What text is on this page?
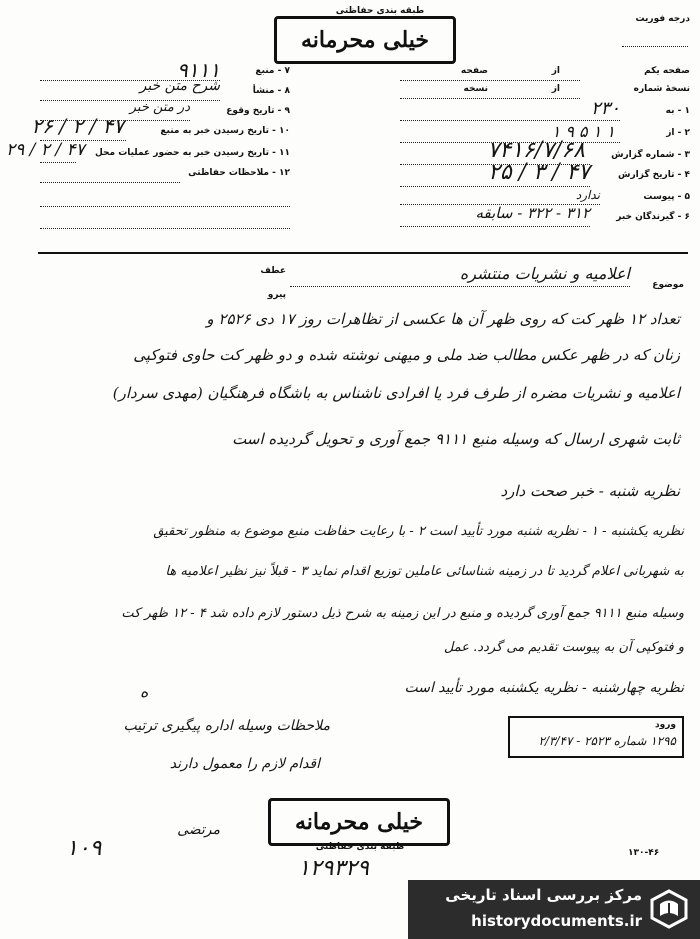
طبقه بندی حفاظتی
خیلی محرمانه
درجه فوریت
صفحه یکم
از
صفحه
نسخهٔ شماره
از
نسخه
۱ - به
۲۳۰
۲ - از
۱ ۹ ۵ ۱ ۱
۳ - شماره گزارش
۷۴۱۶/۷/۶۸
۴ - تاریخ گزارش
۲۵ / ۳ / ۴۷
۵ - پیوست
ندارد
۶ - گیرندگان خبر
۳۱۲ - ۳۲۲ - سابقه
۷ - منبع
۹۱۱۱
۸ - منشأ
شرح متن خبر
۹ - تاریخ وقوع
در متن خبر
۱۰ - تاریخ رسیدن خبر به منبع
۲۶ / ۲ / ۴۷
۱۱ - تاریخ رسیدن خبر به حضور عملیات محل
۲۹ / ۲ / ۴۷
۱۲ - ملاحظات حفاظتی
موضوع
اعلامیه و نشریات منتشره
عطف
پیرو
تعداد ۱۲ ظهر کت که روی ظهر آن ها عکسی از تظاهرات روز ۱۷ دی ۲۵۲۶ و
زنان که در ظهر عکس مطالب ضد ملی و میهنی نوشته شده و دو ظهر کت حاوی فتوکپی
اعلامیه و نشریات مضره از طرف فرد یا افرادی ناشناس به باشگاه فرهنگیان (مهدی سردار)
ثابت شهری ارسال که وسیله منبع ۹۱۱۱ جمع آوری و تحویل گردیده است
نظریه شنبه - خبر صحت دارد
نظریه یکشنبه - ۱ - نظریه شنبه مورد تأیید است ۲ - با رعایت حفاظت منبع موضوع به منظور تحقیق
به شهربانی اعلام گردید تا در زمینه شناسائی عاملین توزیع اقدام نماید ۳ - قبلاً نیز نظیر اعلامیه ها
وسیله منبع ۹۱۱۱ جمع آوری گردیده و منبع در این زمینه به شرح ذیل دستور لازم داده شد ۴ - ۱۲ ظهر کت
و فتوکپی آن به پیوست تقدیم می گردد. عمل
نظریه چهارشنبه - نظریه یکشنبه مورد تأیید است
ه
ملاحظات وسیله اداره پیگیری ترتیب
اقدام لازم را معمول دارند
ورود
۱۲۹۵ شماره ۲۵۲۳ - ۲/۳/۴۷
خیلی محرمانه
طبقه بندی حفاظتی
مرتضی
۱۰۹
۱۲۹۳۲۹
۱۳۰-۴۶
مرکز بررسی اسناد تاریخی
historydocuments.ir
